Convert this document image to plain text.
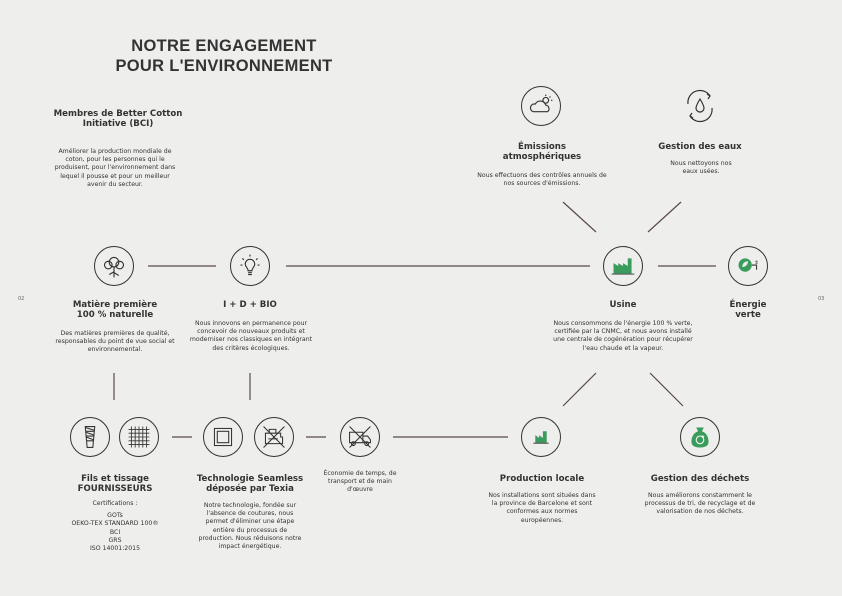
NOTRE ENGAGEMENT
POUR L'ENVIRONNEMENT
02	03
Membres de Better Cotton Initiative (BCI)
Améliorer la production mondiale de coton, pour les personnes qui le produisent, pour l'environnement dans lequel il pousse et pour un meilleur avenir du secteur.
Matière première
100 % naturelle
Des matières premières de qualité, responsables du point de vue social et environnemental.
I + D + BIO
Nous innovons en permanence pour concevoir de nouveaux produits et moderniser nos classiques en intégrant des critères écologiques.
Émissions
atmosphériques
Nous effectuons des contrôles annuels de nos sources d'émissions.
Gestion des eaux
Nous nettoyons nos eaux usées.
Usine
Nous consommons de l'énergie 100 % verte, certifiée par la CNMC, et nous avons installé une centrale de cogénération pour récupérer l'eau chaude et la vapeur.
Énergie
verte
Fils et tissage
FOURNISSEURS
Certifications :
GOTs
OEKO-TEX STANDARD 100®
BCI
GRS
ISO 14001:2015
Technologie Seamless
déposée par Texia
Notre technologie, fondée sur l'absence de coutures, nous permet d'éliminer une étape entière du processus de production. Nous réduisons notre impact énergétique.
Économie de temps, de transport et de main d'œuvre
Production locale
Nos installations sont situées dans la province de Barcelone et sont conformes aux normes européennes.
Gestion des déchets
Nous améliorons constamment le processus de tri, de recyclage et de valorisation de nos déchets.
